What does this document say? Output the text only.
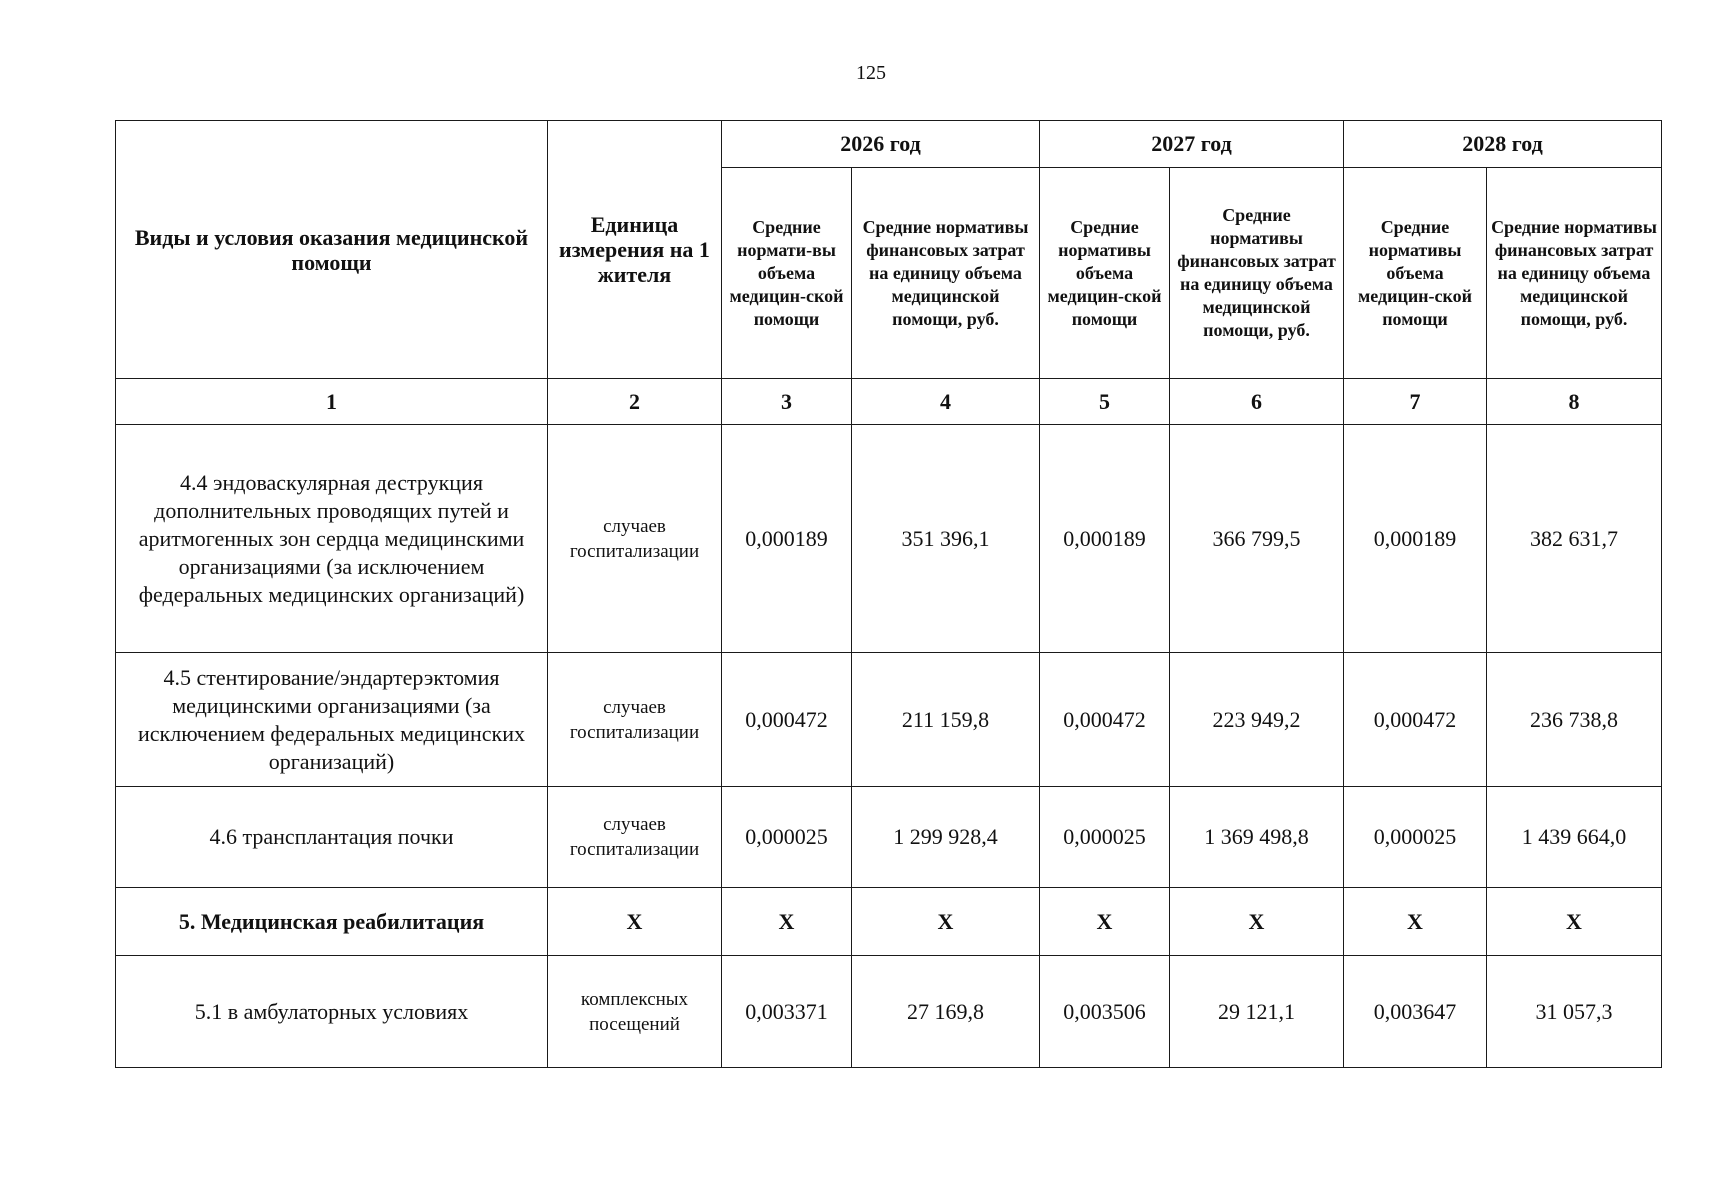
125
Виды и условия оказания медицинской помощи	Единица измерения на 1 жителя	2026 год		2027 год		2028 год	
		Средние нормати-вы объема медицин-ской помощи	Средние нормативы финансовых затрат на единицу объема медицинской помощи, руб.	Средние нормативы объема медицин-ской помощи	Средние нормативы финансовых затрат на единицу объема медицинской помощи, руб.	Средние нормативы объема медицин-ской помощи	Средние нормативы финансовых затрат на единицу объема медицинской помощи, руб.
1	2	3	4	5	6	7	8
4.4 эндоваскулярная деструкция дополнительных проводящих путей и аритмогенных зон сердца медицинскими организациями (за исключением федеральных медицинских организаций)	случаев госпитализации	0,000189	351 396,1	0,000189	366 799,5	0,000189	382 631,7
4.5 стентирование/эндартерэктомия медицинскими организациями (за исключением федеральных медицинских организаций)	случаев госпитализации	0,000472	211 159,8	0,000472	223 949,2	0,000472	236 738,8
4.6 трансплантация почки	случаев госпитализации	0,000025	1 299 928,4	0,000025	1 369 498,8	0,000025	1 439 664,0
5. Медицинская реабилитация	Х	Х	Х	Х	Х	Х	Х
5.1 в амбулаторных условиях	комплексных посещений	0,003371	27 169,8	0,003506	29 121,1	0,003647	31 057,3
